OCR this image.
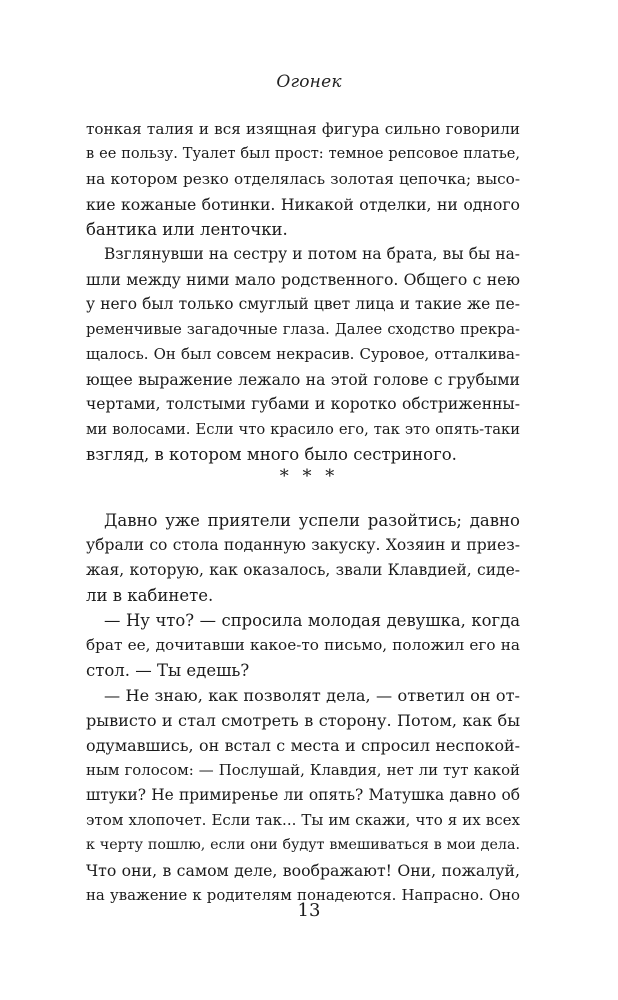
Огонек
тонкая талия и вся изящная фигура сильно говорили
в ее пользу. Туалет был прост: темное репсовое платье,
на котором резко отделялась золотая цепочка; высо-
кие кожаные ботинки. Никакой отделки, ни одного
бантика или ленточки.
Взглянувши на сестру и потом на брата, вы бы на-
шли между ними мало родственного. Общего с нею
у него был только смуглый цвет лица и такие же пе-
ременчивые загадочные глаза. Далее сходство прекра-
щалось. Он был совсем некрасив. Суровое, отталкива-
ющее выражение лежало на этой голове с грубыми
чертами, толстыми губами и коротко обстриженны-
ми волосами. Если что красило его, так это опять-таки
взгляд, в котором много было сестриного.
* * *
Давно уже приятели успели разойтись; давно
убрали со стола поданную закуску. Хозяин и приез-
жая, которую, как оказалось, звали Клавдией, сиде-
ли в кабинете.
— Ну что? — спросила молодая девушка, когда
брат ее, дочитавши какое-то письмо, положил его на
стол. — Ты едешь?
— Не знаю, как позволят дела, — ответил он от-
рывисто и стал смотреть в сторону. Потом, как бы
одумавшись, он встал с места и спросил неспокой-
ным голосом: — Послушай, Клавдия, нет ли тут какой
штуки? Не примиренье ли опять? Матушка давно об
этом хлопочет. Если так... Ты им скажи, что я их всех
к черту пошлю, если они будут вмешиваться в мои дела.
Что они, в самом деле, воображают! Они, пожалуй,
на уважение к родителям понадеются. Напрасно. Оно
13
